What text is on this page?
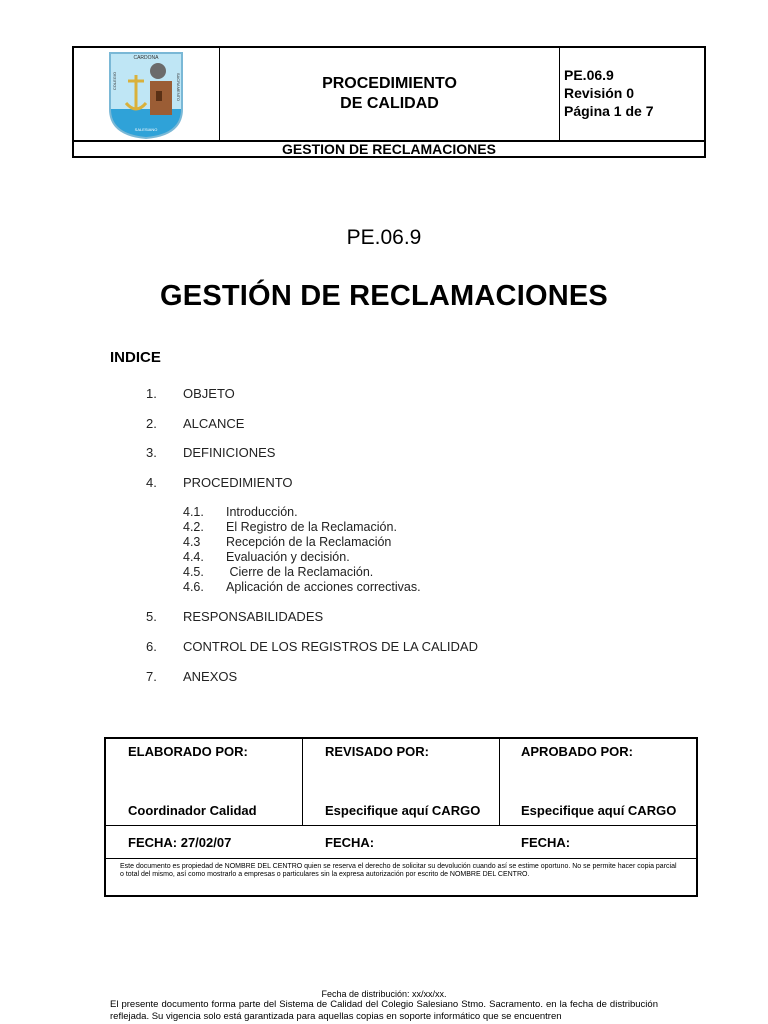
CARDONA
COLEGIO
SALESIANO
SACRAMENTO	PROCEDIMIENTO
DE CALIDAD
PE.06.9
Revisión 0
Página 1 de 7
GESTION DE RECLAMACIONES
PE.06.9
GESTIÓN DE RECLAMACIONES
INDICE
1. OBJETO
2. ALCANCE
3. DEFINICIONES
4. PROCEDIMIENTO
4.1. Introducción.
4.2. El Registro de la Reclamación.
4.3 Recepción de la Reclamación
4.4. Evaluación y decisión.
4.5. Cierre de la Reclamación.
4.6. Aplicación de acciones correctivas.
5. RESPONSABILIDADES
6. CONTROL DE LOS REGISTROS DE LA CALIDAD
7. ANEXOS
ELABORADO POR:	REVISADO POR:	APROBADO POR:
Coordinador Calidad	Especifique aquí CARGO	Especifique aquí CARGO
FECHA: 27/02/07	FECHA:	FECHA:
Este documento es propiedad de NOMBRE DEL CENTRO quien se reserva el derecho de solicitar su devolución cuando así se estime oportuno. No se permite hacer copia parcial o total del mismo, así como mostrarlo a empresas o particulares sin la expresa autorización por escrito de NOMBRE DEL CENTRO.
Fecha de distribución: xx/xx/xx.
El presente documento forma parte del Sistema de Calidad del Colegio Salesiano Stmo. Sacramento. en la fecha de distribución reflejada. Su vigencia solo está garantizada para aquellas copias en soporte informático que se encuentren
